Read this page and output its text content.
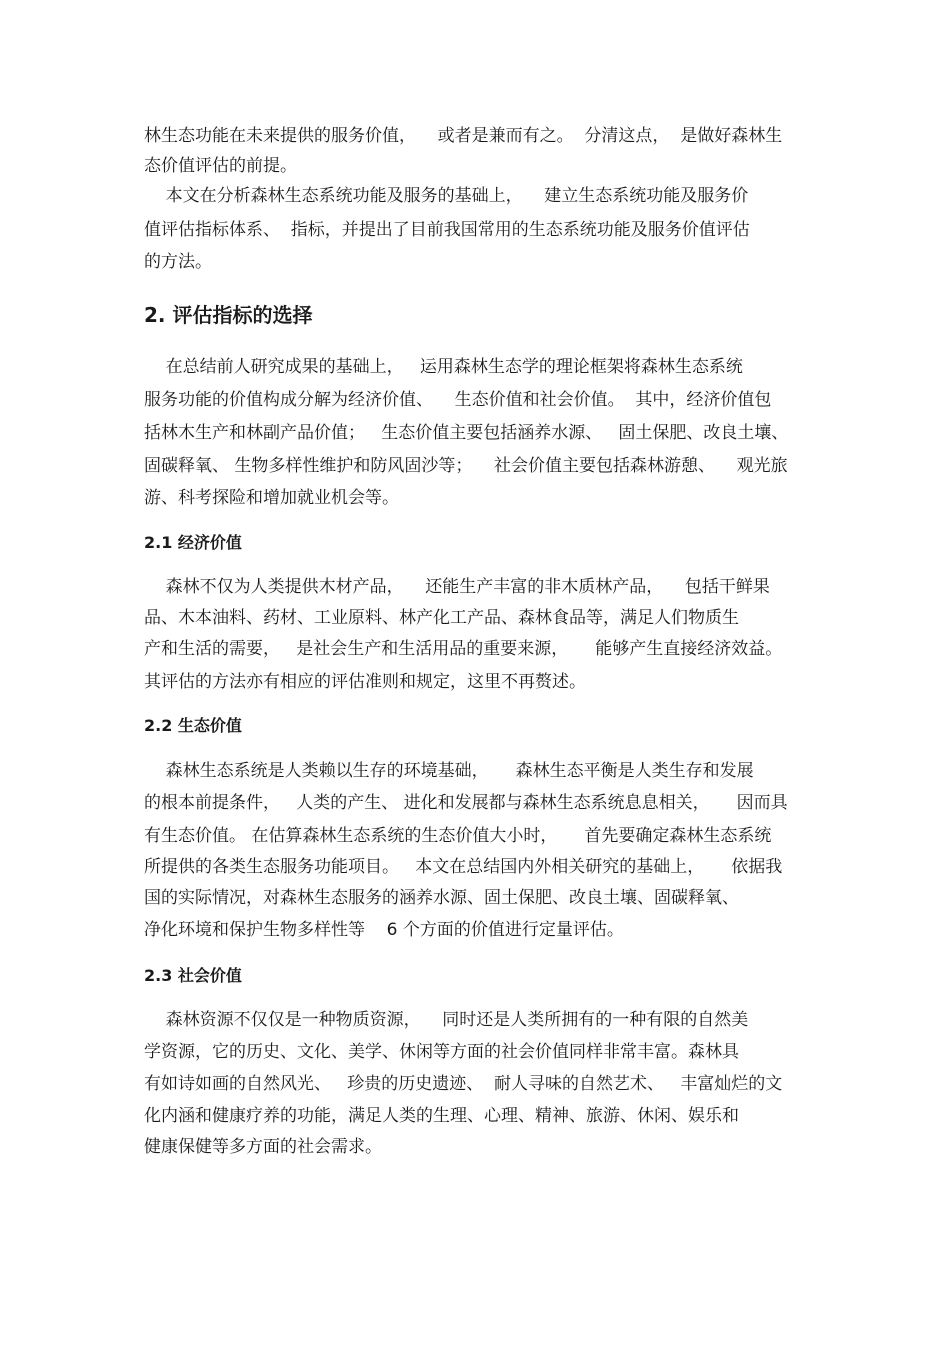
林生态功能在未来提供的服务价值，    或者是兼而有之。  分清这点，  是做好森林生

态价值评估的前提。

本文在分析森林生态系统功能及服务的基础上，    建立生态系统功能及服务价

值评估指标体系、  指标，并提出了目前我国常用的生态系统功能及服务价值评估

的方法。

2. 评估指标的选择

在总结前人研究成果的基础上，   运用森林生态学的理论框架将森林生态系统

服务功能的价值构成分解为经济价值、    生态价值和社会价值。  其中，经济价值包

括林木生产和林副产品价值；   生态价值主要包括涵养水源、   固土保肥、改良土壤、

固碳释氧、 生物多样性维护和防风固沙等；    社会价值主要包括森林游憩、    观光旅

游、科考探险和增加就业机会等。

2.1 经济价值

森林不仅为人类提供木材产品，    还能生产丰富的非木质林产品，    包括干鲜果

品、木本油料、药材、工业原料、林产化工产品、森林食品等，满足人们物质生

产和生活的需要，   是社会生产和生活用品的重要来源，     能够产生直接经济效益。

其评估的方法亦有相应的评估准则和规定，这里不再赘述。

2.2 生态价值

森林生态系统是人类赖以生存的环境基础，     森林生态平衡是人类生存和发展

的根本前提条件，   人类的产生、 进化和发展都与森林生态系统息息相关，     因而具

有生态价值。 在估算森林生态系统的生态价值大小时，     首先要确定森林生态系统

所提供的各类生态服务功能项目。   本文在总结国内外相关研究的基础上，     依据我

国的实际情况，对森林生态服务的涵养水源、固土保肥、改良土壤、固碳释氧、

净化环境和保护生物多样性等    6 个方面的价值进行定量评估。

2.3 社会价值

森林资源不仅仅是一种物质资源，    同时还是人类所拥有的一种有限的自然美

学资源，它的历史、文化、美学、休闲等方面的社会价值同样非常丰富。森林具

有如诗如画的自然风光、   珍贵的历史遗迹、  耐人寻味的自然艺术、   丰富灿烂的文

化内涵和健康疗养的功能，满足人类的生理、心理、精神、旅游、休闲、娱乐和

健康保健等多方面的社会需求。
